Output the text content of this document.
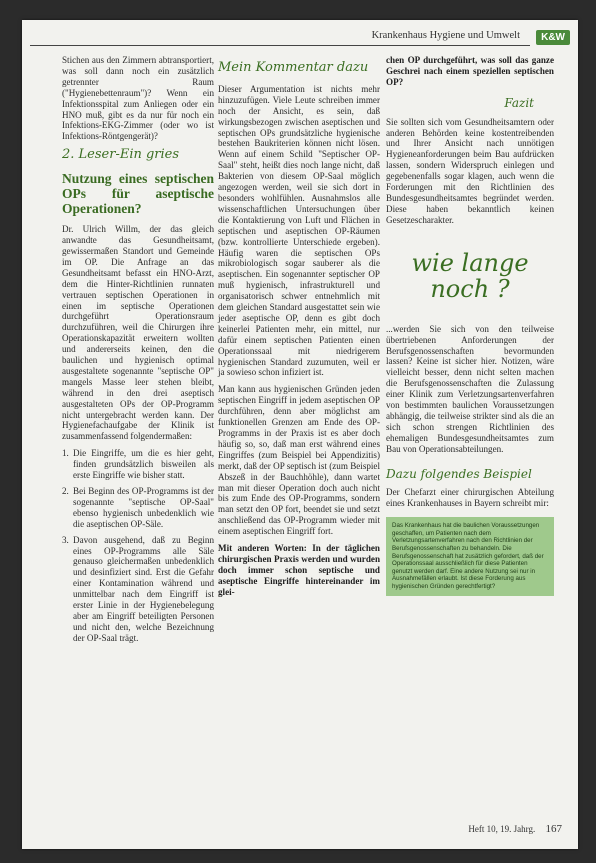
Krankenhaus Hygiene und Umwelt	K&W

Stichen aus den Zimmern abtransportiert, was soll dann noch ein zusätzlich getrennter Raum ("Hygienebettenraum")? Wenn ein Infektionsspital zum Anliegen oder ein HNO muß, gibt es da nur für noch ein Infektions-EKG-Zimmer (oder wo ist Infektions-Röntgengerät)?

2. Leser-Ein gries
Nutzung eines septischen OPs für aseptische Operationen?

Dr. Ulrich Willm, der das gleich anwandte das Gesundheitsamt, gewissermaßen Standort und Gemeinde im OP. Die Anfrage an das Gesundheitsamt befasst ein HNO-Arzt, dem die Hinter-Richtlinien runnaten vertrauen septischen Operationen in einen im septische Operationen durchgeführt Operationsraum durchzuführen, weil die Chirurgen ihre Operationskapazität erweitern wollten und andererseits keinen, den die baulichen und hygienisch optimal ausgestaltete sogenannte "septische OP" mangels Masse leer stehen bleibt, während in den drei aseptisch ausgestalteten OPs der OP-Programm nicht untergebracht werden kann. Der Hygienefachaufgabe der Klinik ist zusammenfassend folgendermaßen:

1. Die Eingriffe, um die es hier geht, finden grundsätzlich bisweilen als erste Eingriffe wie bisher statt.
2. Bei Beginn des OP-Programms ist der sogenannte "septische OP-Saal" ebenso hygienisch unbedenklich wie die aseptischen OP-Säle.
3. Davon ausgehend, daß zu Beginn eines OP-Programms alle Säle genauso gleichermaßen unbedenklich und desinfiziert sind. Erst die Gefahr einer Kontamination während und unmittelbar nach dem Eingriff ist erster Linie in der Hygienebelegung aber am Eingriff beteiligten Personen und nicht den, welche Bezeichnung der OP-Saal trägt.
Mein Kommentar dazu

Dieser Argumentation ist nichts mehr hinzuzufügen. Viele Leute schreiben immer noch der Ansicht, es sein, daß wirkungsbezogen zwischen aseptischen und septischen OPs grundsätzliche hygienische bestehen Baukriterien können nicht lösen. Wenn auf einem Schild "Septischer OP-Saal" steht, heißt dies noch lange nicht, daß Bakterien von diesem OP-Saal möglich angezogen werden, weil sie sich dort in besonders wohlfühlen. Ausnahmslos alle wissenschaftlichen Untersuchungen über die Kontaktierung von Luft und Flächen in septischen und aseptischen OP-Räumen (bzw. kontrollierte Unterschiede ergeben). Häufig waren die septischen OPs mikrobiologisch sogar sauberer als die aseptischen. Ein sogenannter septischer OP muß hygienisch, infrastrukturell und organisatorisch schwer entnehmlich mit dem gleichen Standard ausgestattet sein wie jeder aseptische OP, denn es gibt doch keinerlei Patienten mehr, ein mittel, nur dafür einem septischen Patienten einen Operationssaal mit niedrigerem hygienischen Standard zuzumuten, weil er ja sowieso schon infiziert ist.

Man kann aus hygienischen Gründen jeden septischen Eingriff in jedem aseptischen OP durchführen, denn aber möglichst am funktionellen Grenzen am Ende des OP-Programms in der Praxis ist es aber doch häufig so, so, daß man erst während eines Eingriffes (zum Beispiel bei Appendizitis) merkt, daß der OP septisch ist (zum Beispiel Abszeß in der Bauchhöhle), dann wartet man mit dieser Operation doch auch nicht bis zum Ende des OP-Programms, sondern man setzt den OP fort, beendet sie und setzt anschließend das OP-Programm wieder mit einem aseptischen Eingriff fort.

Mit anderen Worten: In der täglichen chirurgischen Praxis werden und wurden doch immer schon septische und aseptische Eingriffe hintereinander im glei-

chen OP durchgeführt, was soll das ganze Geschrei nach einem speziellen septischen OP?

Fazit

Sie sollten sich vom Gesundheitsamtern oder anderen Behörden keine kostentreibenden und Ihrer Ansicht nach unnötigen Hygieneanforderungen beim Bau aufdrücken lassen, sondern Widerspruch einlegen und gegebenenfalls sogar klagen, auch wenn die Forderungen mit den Richtlinien des Bundesgesundheitsamtes begründet werden. Diese haben bekanntlich keinen Gesetzescharakter.

wie lange
noch ?

...werden Sie sich von den teilweise übertriebenen Anforderungen der Berufsgenossenschaften bevormunden lassen? Keine ist sicher hier. Notizen, wäre vielleicht besser, denn nicht selten machen die Berufsgenossenschaften die Zulassung einer Klinik zum Verletzungsartenverfahren von bestimmten baulichen Voraussetzungen abhängig, die teilweise strikter sind als die an sich schon strengen Richtlinien des ehemaligen Bundesgesundheitsamtes zum Bau von Operationsabteilungen.

Dazu folgendes Beispiel

Der Chefarzt einer chirurgischen Abteilung eines Krankenhauses in Bayern schreibt mir:

Das Krankenhaus hat die baulichen Voraussetzungen geschaffen, um Patienten nach dem Verletzungsartenverfahren nach den Richtlinien der Berufsgenossenschaften zu behandeln. Die Berufsgenossenschaft hat zusätzlich gefordert, daß der Operationssaal ausschließlich für diese Patienten genutzt werden darf. Eine andere Nutzung sei nur in Ausnahmefällen erlaubt. Ist diese Forderung aus hygienischen Gründen gerechtfertigt?
Heft 10, 19. Jahrg. 167
